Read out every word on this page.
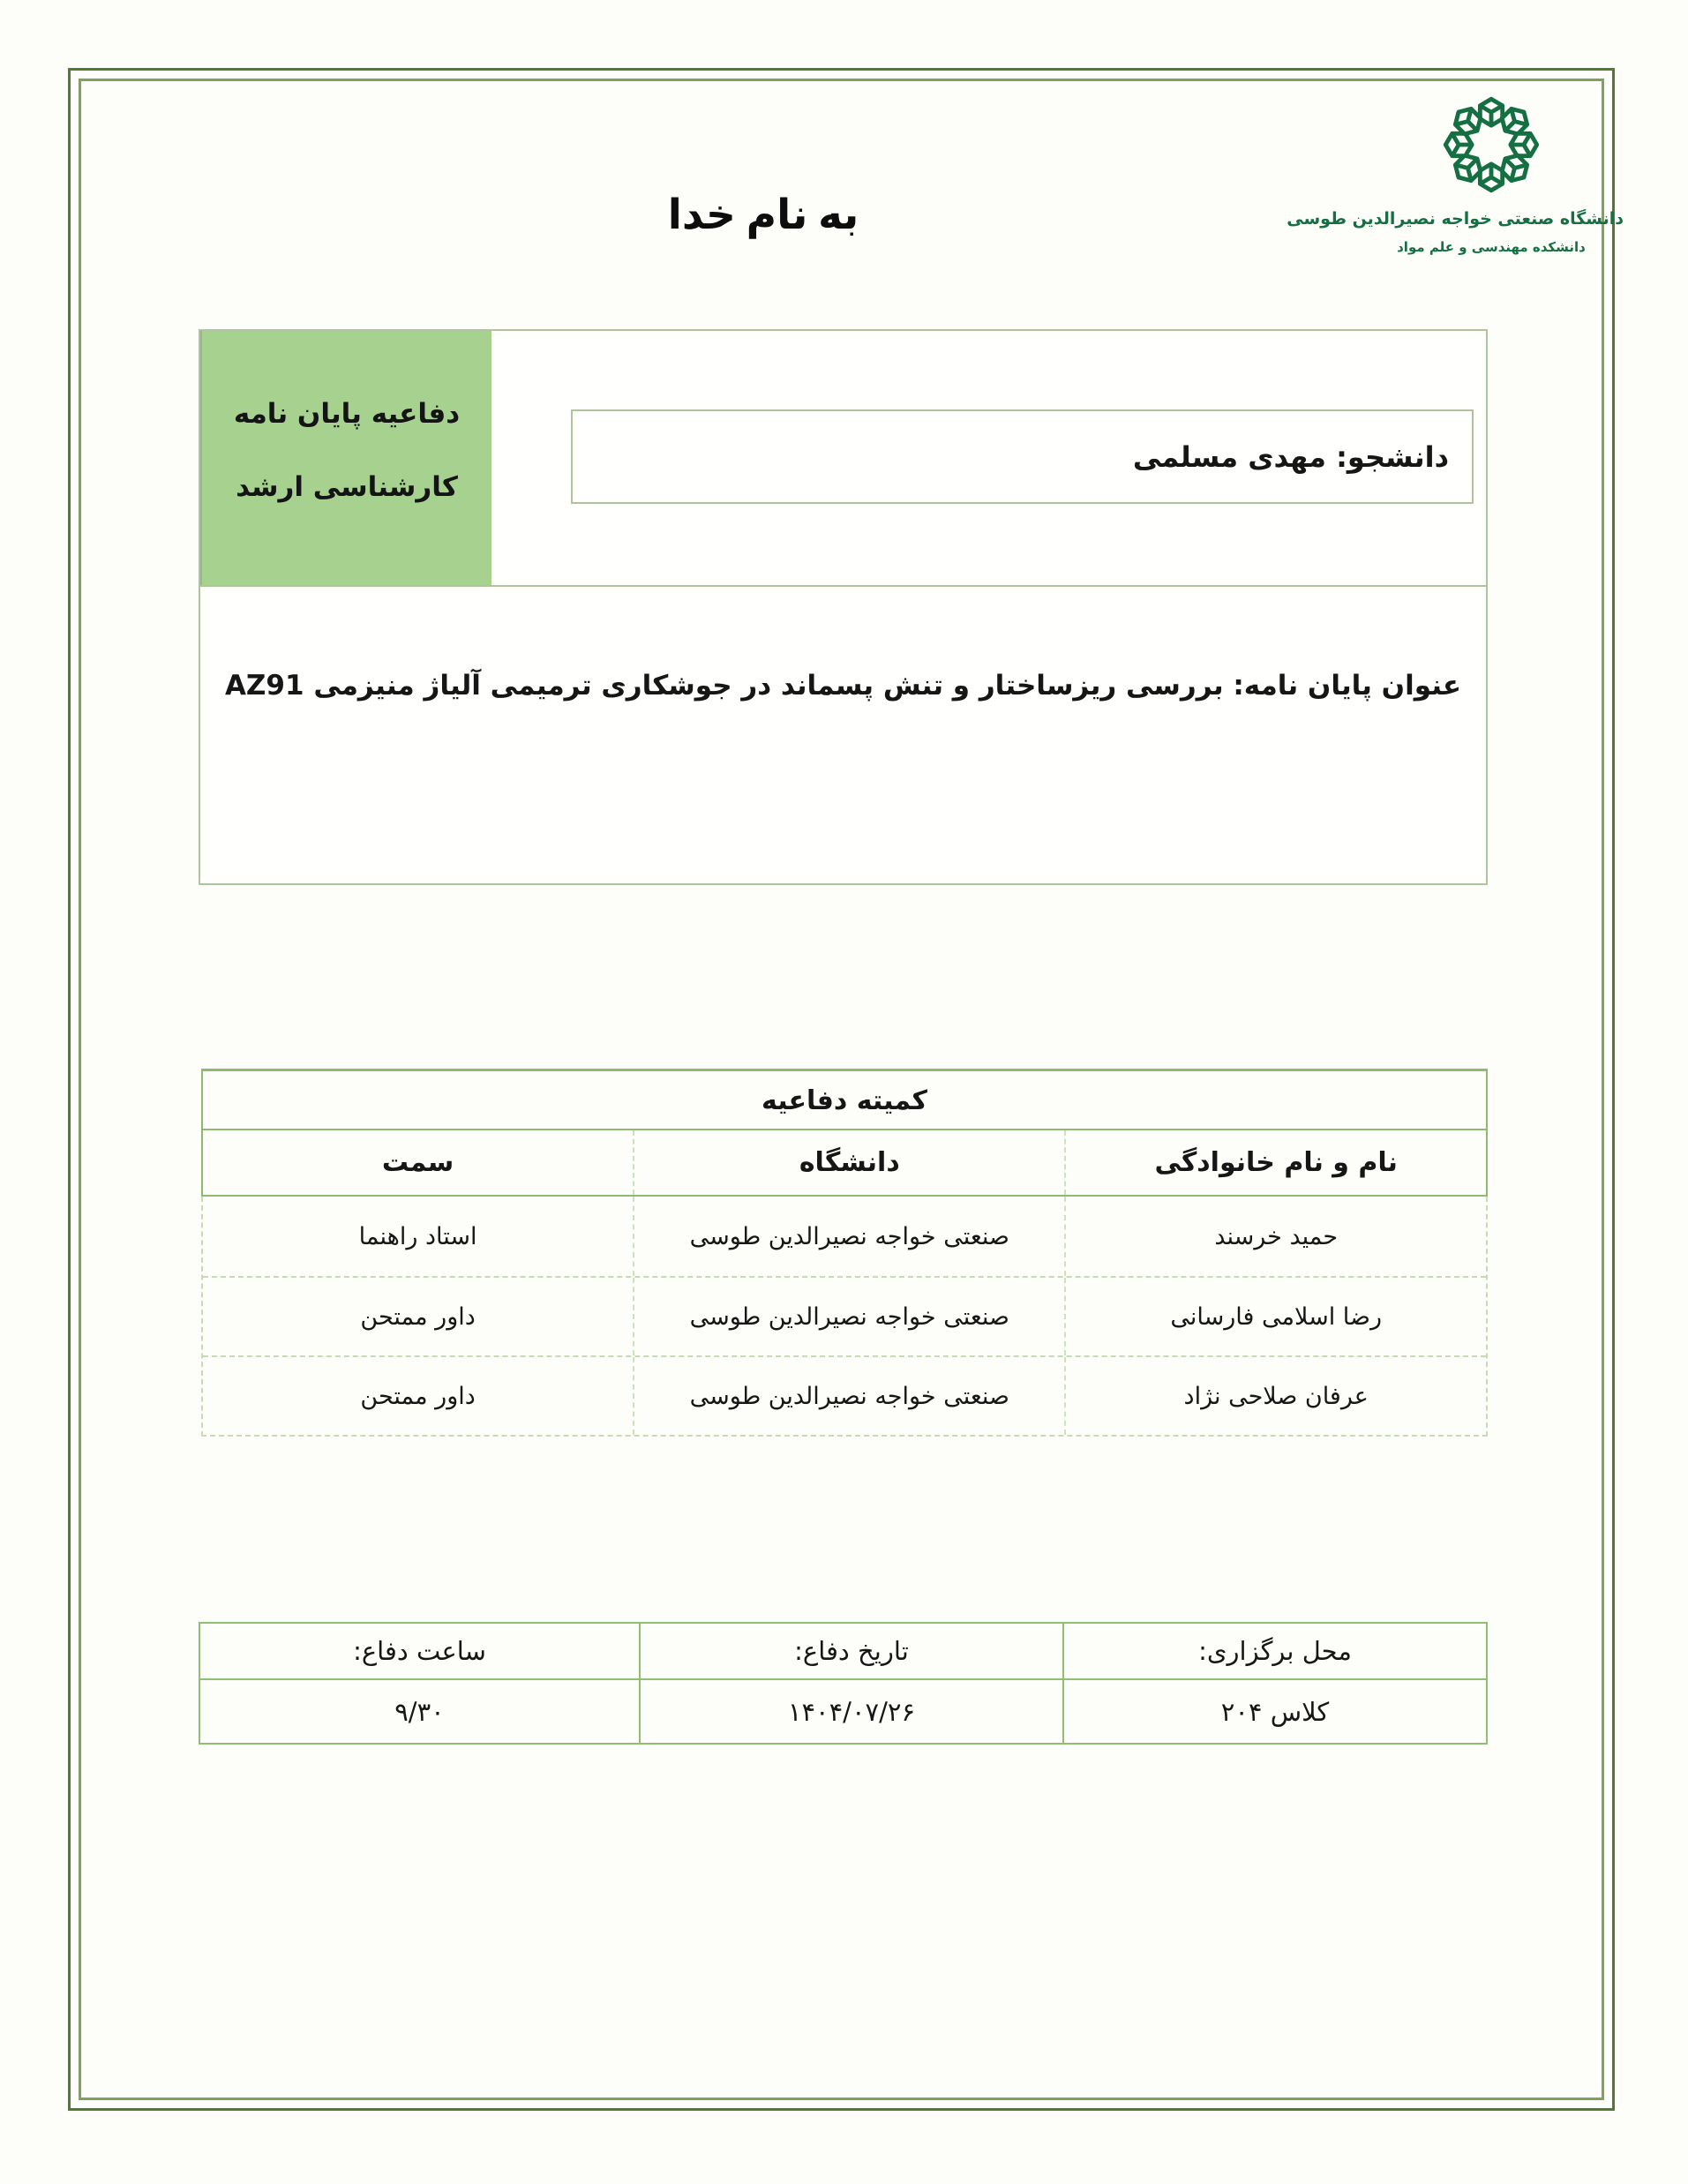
به نام خدا	دانشگاه صنعتی خواجه نصیرالدین طوسی
دانشکده مهندسی و علم مواد
دفاعیه پایان نامه
کارشناسی ارشد
دانشجو: مهدی مسلمی
عنوان پایان نامه: بررسی ریزساختار و تنش پسماند در جوشکاری ترمیمی آلیاژ منیزمی AZ91
کمیته دفاعیه
نام و نام خانوادگی
دانشگاه
سمت
حمید خرسند
صنعتی خواجه نصیرالدین طوسی
استاد راهنما
رضا اسلامی فارسانی
صنعتی خواجه نصیرالدین طوسی
داور ممتحن
عرفان صلاحی نژاد
صنعتی خواجه نصیرالدین طوسی
داور ممتحن
محل برگزاری:
تاریخ دفاع:
ساعت دفاع:
کلاس ۲۰۴
۱۴۰۴/۰۷/۲۶
۹/۳۰
